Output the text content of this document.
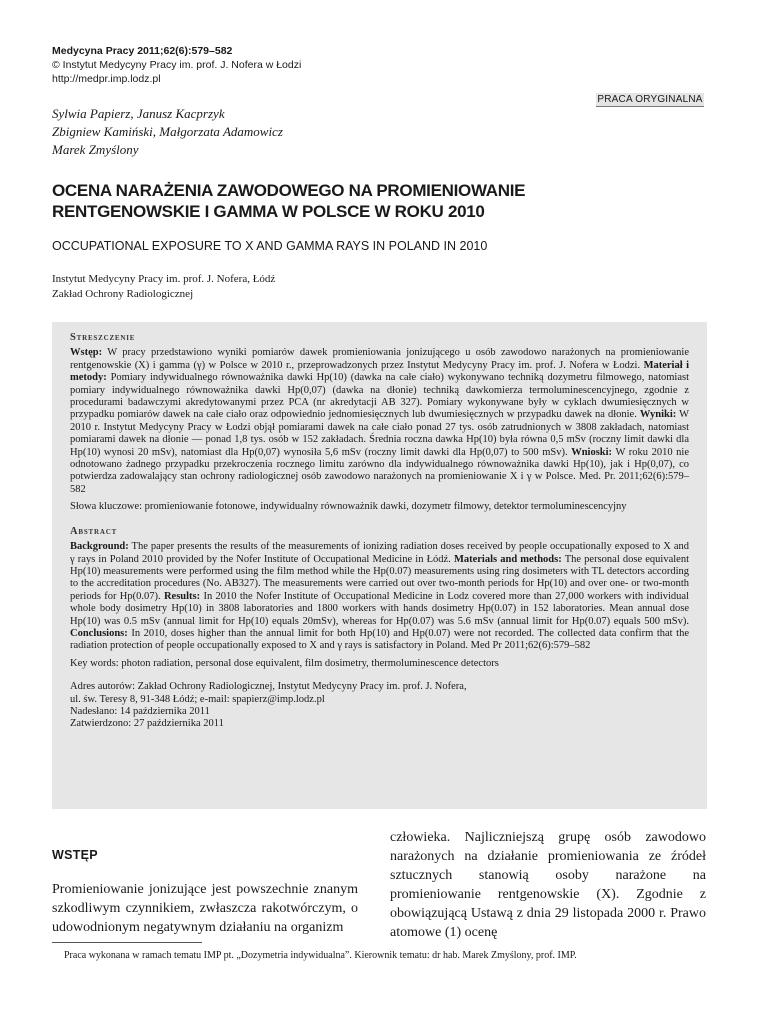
Medycyna Pracy 2011;62(6):579–582
© Instytut Medycyny Pracy im. prof. J. Nofera w Łodzi
http://medpr.imp.lodz.pl
PRACA ORYGINALNA
Sylwia Papierz, Janusz Kacprzyk
Zbigniew Kamiński, Małgorzata Adamowicz
Marek Zmyślony
OCENA NARAŻENIA ZAWODOWEGO NA PROMIENIOWANIE
RENTGENOWSKIE I GAMMA W POLSCE W ROKU 2010
OCCUPATIONAL EXPOSURE TO X AND GAMMA RAYS IN POLAND IN 2010
Instytut Medycyny Pracy im. prof. J. Nofera, Łódź
Zakład Ochrony Radiologicznej
Streszczenie
Wstęp: W pracy przedstawiono wyniki pomiarów dawek promieniowania jonizującego u osób zawodowo narażonych na promieniowanie rentgenowskie (X) i gamma (γ) w Polsce w 2010 r., przeprowadzonych przez Instytut Medycyny Pracy im. prof. J. Nofera w Łodzi. Materiał i metody: Pomiary indywidualnego równoważnika dawki Hp(10) (dawka na całe ciało) wykonywano techniką dozymetru filmowego, natomiast pomiary indywidualnego równoważnika dawki Hp(0,07) (dawka na dłonie) techniką dawkomierza termoluminescencyjnego, zgodnie z procedurami badawczymi akredytowanymi przez PCA (nr akredytacji AB 327). Pomiary wykonywane były w cyklach dwumiesięcznych w przypadku pomiarów dawek na całe ciało oraz odpowiednio jednomiesięcznych lub dwumiesięcznych w przypadku dawek na dłonie. Wyniki: W 2010 r. Instytut Medycyny Pracy w Łodzi objął pomiarami dawek na całe ciało ponad 27 tys. osób zatrudnionych w 3808 zakładach, natomiast pomiarami dawek na dłonie — ponad 1,8 tys. osób w 152 zakładach. Średnia roczna dawka Hp(10) była równa 0,5 mSv (roczny limit dawki dla Hp(10) wynosi 20 mSv), natomiast dla Hp(0,07) wynosiła 5,6 mSv (roczny limit dawki dla Hp(0,07) to 500 mSv). Wnioski: W roku 2010 nie odnotowano żadnego przypadku przekroczenia rocznego limitu zarówno dla indywidualnego równoważnika dawki Hp(10), jak i Hp(0,07), co potwierdza zadowalający stan ochrony radiologicznej osób zawodowo narażonych na promieniowanie X i γ w Polsce. Med. Pr. 2011;62(6):579–582
Słowa kluczowe: promieniowanie fotonowe, indywidualny równoważnik dawki, dozymetr filmowy, detektor termoluminescencyjny
Abstract
Background: The paper presents the results of the measurements of ionizing radiation doses received by people occupationally exposed to X and γ rays in Poland 2010 provided by the Nofer Institute of Occupational Medicine in Łódź. Materials and methods: The personal dose equivalent Hp(10) measurements were performed using the film method while the Hp(0.07) measurements using ring dosimeters with TL detectors according to the accreditation procedures (No. AB327). The measurements were carried out over two-month periods for Hp(10) and over one- or two-month periods for Hp(0.07). Results: In 2010 the Nofer Institute of Occupational Medicine in Lodz covered more than 27,000 workers with individual whole body dosimetry Hp(10) in 3808 laboratories and 1800 workers with hands dosimetry Hp(0.07) in 152 laboratories. Mean annual dose Hp(10) was 0.5 mSv (annual limit for Hp(10) equals 20mSv), whereas for Hp(0.07) was 5.6 mSv (annual limit for Hp(0.07) equals 500 mSv). Conclusions: In 2010, doses higher than the annual limit for both Hp(10) and Hp(0.07) were not recorded. The collected data confirm that the radiation protection of people occupationally exposed to X and γ rays is satisfactory in Poland. Med Pr 2011;62(6):579–582
Key words: photon radiation, personal dose equivalent, film dosimetry, thermoluminescence detectors
Adres autorów: Zakład Ochrony Radiologicznej, Instytut Medycyny Pracy im. prof. J. Nofera,
ul. św. Teresy 8, 91-348 Łódź; e-mail: spapierz@imp.lodz.pl
Nadesłano: 14 października 2011
Zatwierdzono: 27 października 2011
WSTĘP
Promieniowanie jonizujące jest powszechnie znanym szkodliwym czynnikiem, zwłaszcza rakotwórczym, o udowodnionym negatywnym działaniu na organizm
człowieka. Najliczniejszą grupę osób zawodowo narażonych na działanie promieniowania ze źródeł sztucznych stanowią osoby narażone na promieniowanie rentgenowskie (X). Zgodnie z obowiązującą Ustawą z dnia 29 listopada 2000 r. Prawo atomowe (1) ocenę
Praca wykonana w ramach tematu IMP pt. „Dozymetria indywidualna”. Kierownik tematu: dr hab. Marek Zmyślony, prof. IMP.
